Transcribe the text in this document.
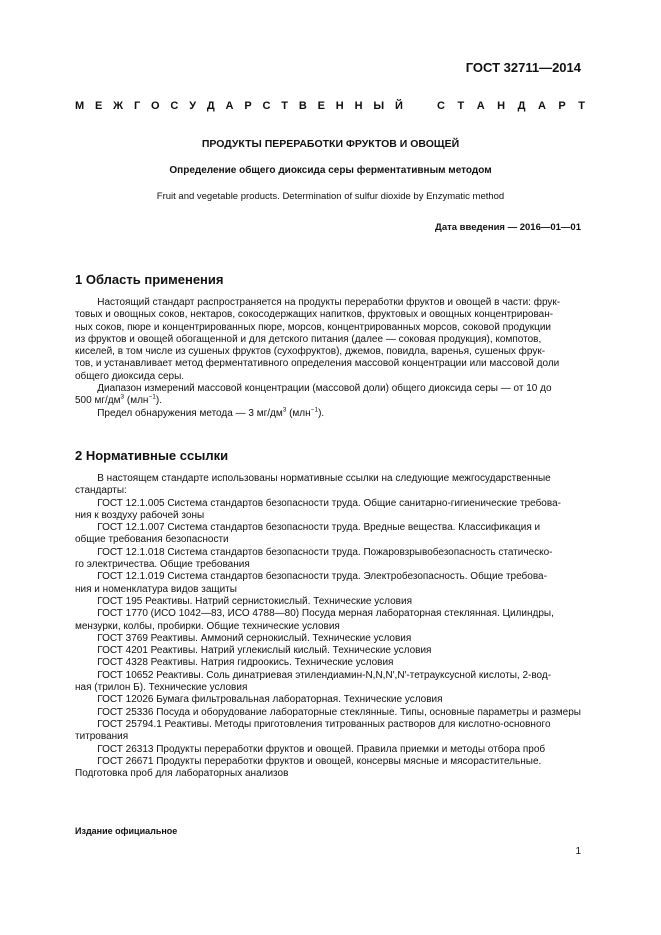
ГОСТ 32711—2014
М Е Ж Г О С У Д А Р С Т В Е Н Н Ы Й	С Т А Н Д А Р Т
ПРОДУКТЫ ПЕРЕРАБОТКИ ФРУКТОВ И ОВОЩЕЙ
Определение общего диоксида серы ферментативным методом
Fruit and vegetable products. Determination of sulfur dioxide by Enzymatic method
Дата введения — 2016—01—01
1 Область применения
Настоящий стандарт распространяется на продукты переработки фруктов и овощей в части: фрук-
товых и овощных соков, нектаров, сокосодержащих напитков, фруктовых и овощных концентрирован-
ных соков, пюре и концентрированных пюре, морсов, концентрированных морсов, соковой продукции
из фруктов и овощей обогащенной и для детского питания (далее — соковая продукция), компотов,
киселей, в том числе из сушеных фруктов (сухофруктов), джемов, повидла, варенья, сушеных фрук-
тов, и устанавливает метод ферментативного определения массовой концентрации или массовой доли
общего диоксида серы.
Диапазон измерений массовой концентрации (массовой доли) общего диоксида серы — от 10 до
500 $мг/дм^3$ (млн$^{-1}$).
Предел обнаружения метода — 3 $мг/дм^3$ (млн$^{-1}$).
2 Нормативные ссылки
В настоящем стандарте использованы нормативные ссылки на следующие межгосударственные
стандарты:
ГОСТ 12.1.005 Система стандартов безопасности труда. Общие санитарно-гигиенические требова-
ния к воздуху рабочей зоны
ГОСТ 12.1.007 Система стандартов безопасности труда. Вредные вещества. Классификация и
общие требования безопасности
ГОСТ 12.1.018 Система стандартов безопасности труда. Пожаровзрывобезопасность статическо-
го электричества. Общие требования
ГОСТ 12.1.019 Система стандартов безопасности труда. Электробезопасность. Общие требова-
ния и номенклатура видов защиты
ГОСТ 195 Реактивы. Натрий сернистокислый. Технические условия
ГОСТ 1770 (ИСО 1042—83, ИСО 4788—80) Посуда мерная лабораторная стеклянная. Цилиндры,
мензурки, колбы, пробирки. Общие технические условия
ГОСТ 3769 Реактивы. Аммоний сернокислый. Технические условия
ГОСТ 4201 Реактивы. Натрий углекислый кислый. Технические условия
ГОСТ 4328 Реактивы. Натрия гидроокись. Технические условия
ГОСТ 10652 Реактивы. Соль динатриевая этилендиамин-N,N,N′,N′-тетрауксусной кислоты, 2-вод-
ная (трилон Б). Технические условия
ГОСТ 12026 Бумага фильтровальная лабораторная. Технические условия
ГОСТ 25336 Посуда и оборудование лабораторные стеклянные. Типы, основные параметры и размеры
ГОСТ 25794.1 Реактивы. Методы приготовления титрованных растворов для кислотно-основного
титрования
ГОСТ 26313 Продукты переработки фруктов и овощей. Правила приемки и методы отбора проб
ГОСТ 26671 Продукты переработки фруктов и овощей, консервы мясные и мясорастительные.
Подготовка проб для лабораторных анализов
Издание официальное
1
